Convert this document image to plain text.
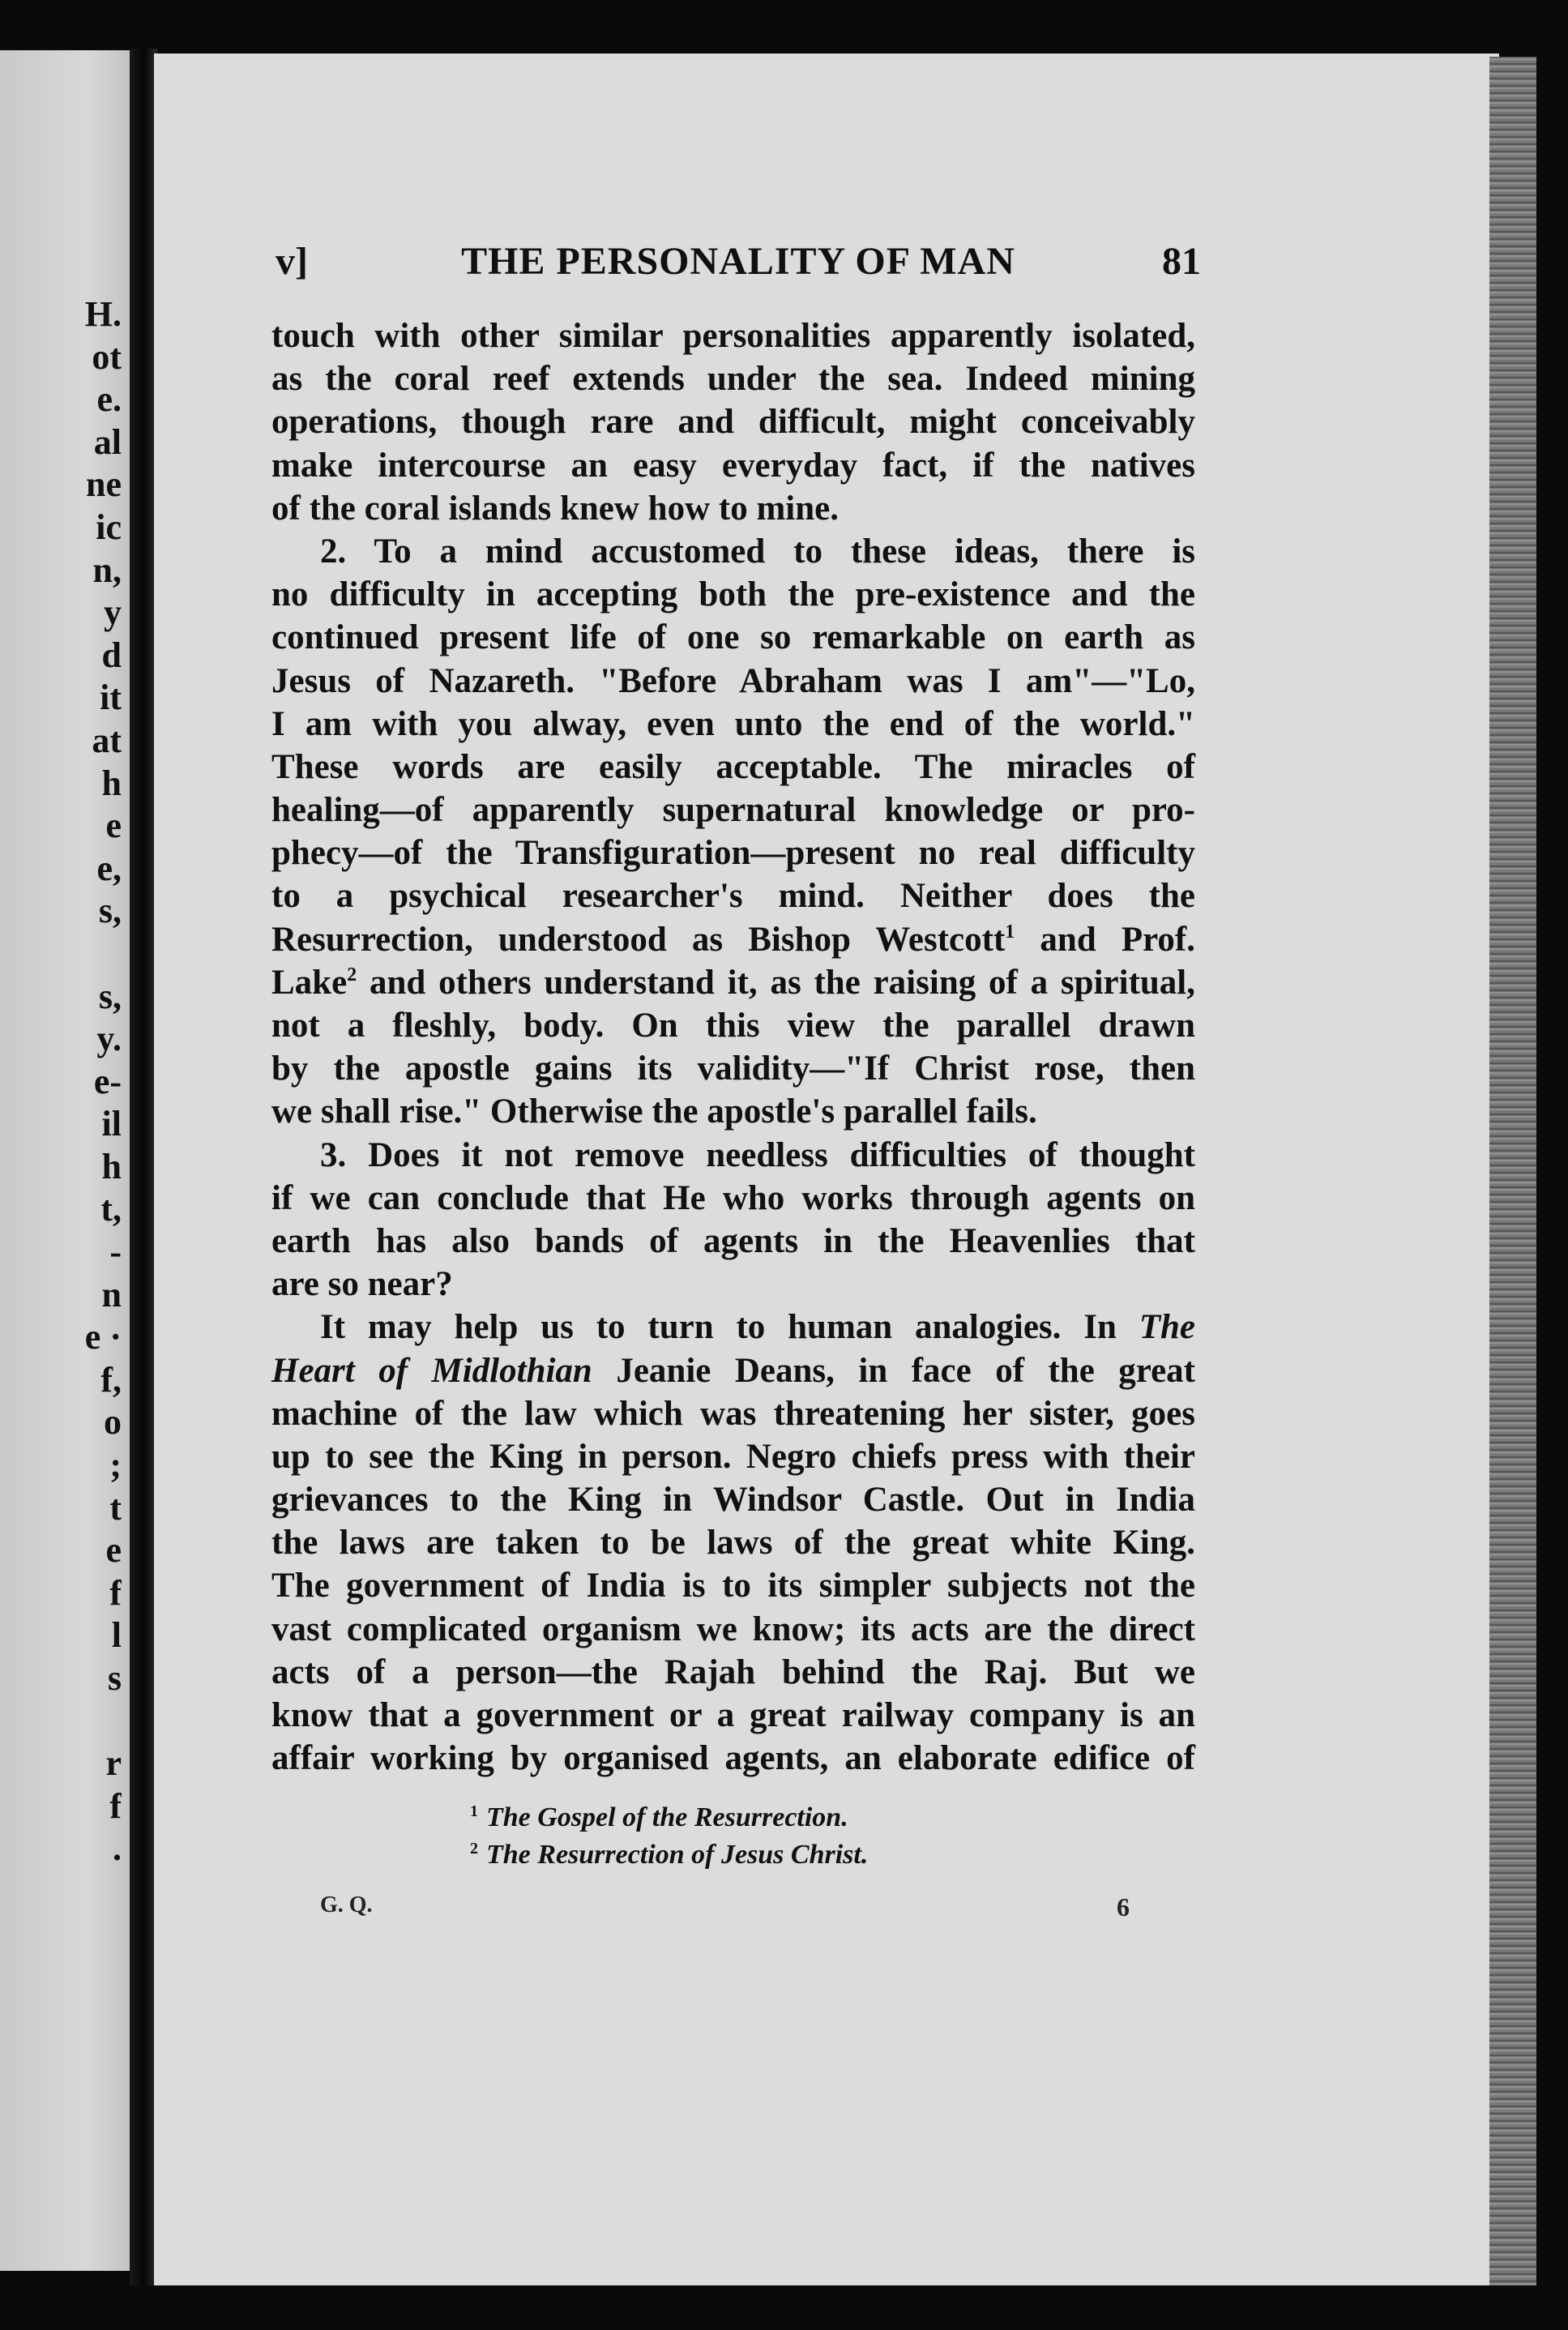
H.
ot
e.
al
ne
ic
n,
y
d
it
at
h
e
e,
s,
s,
y.
e-
il
h
t,
-
n
e ·
f,
o
;
t
e
f
l
s
r
f
.
v]	THE PERSONALITY OF MAN	81
touch with other similar personalities apparently isolated,
as the coral reef extends under the sea. Indeed mining
operations, though rare and difficult, might conceivably
make intercourse an easy everyday fact, if the natives
of the coral islands knew how to mine.
2. To a mind accustomed to these ideas, there is
no difficulty in accepting both the pre-existence and the
continued present life of one so remarkable on earth as
Jesus of Nazareth. "Before Abraham was I am"—"Lo,
I am with you alway, even unto the end of the world."
These words are easily acceptable. The miracles of
healing—of apparently supernatural knowledge or pro-
phecy—of the Transfiguration—present no real difficulty
to a psychical researcher's mind. Neither does the
Resurrection, understood as Bishop Westcott$^1$ and Prof.
Lake$^2$ and others understand it, as the raising of a spiritual,
not a fleshly, body. On this view the parallel drawn
by the apostle gains its validity—"If Christ rose, then
we shall rise." Otherwise the apostle's parallel fails.
3. Does it not remove needless difficulties of thought
if we can conclude that He who works through agents on
earth has also bands of agents in the Heavenlies that
are so near?
It may help us to turn to human analogies. In The
Heart of Midlothian Jeanie Deans, in face of the great
machine of the law which was threatening her sister, goes
up to see the King in person. Negro chiefs press with their
grievances to the King in Windsor Castle. Out in India
the laws are taken to be laws of the great white King.
The government of India is to its simpler subjects not the
vast complicated organism we know; its acts are the direct
acts of a person—the Rajah behind the Raj. But we
know that a government or a great railway company is an
affair working by organised agents, an elaborate edifice of
$^1$ The Gospel of the Resurrection.
$^2$ The Resurrection of Jesus Christ.
G. Q.	6
